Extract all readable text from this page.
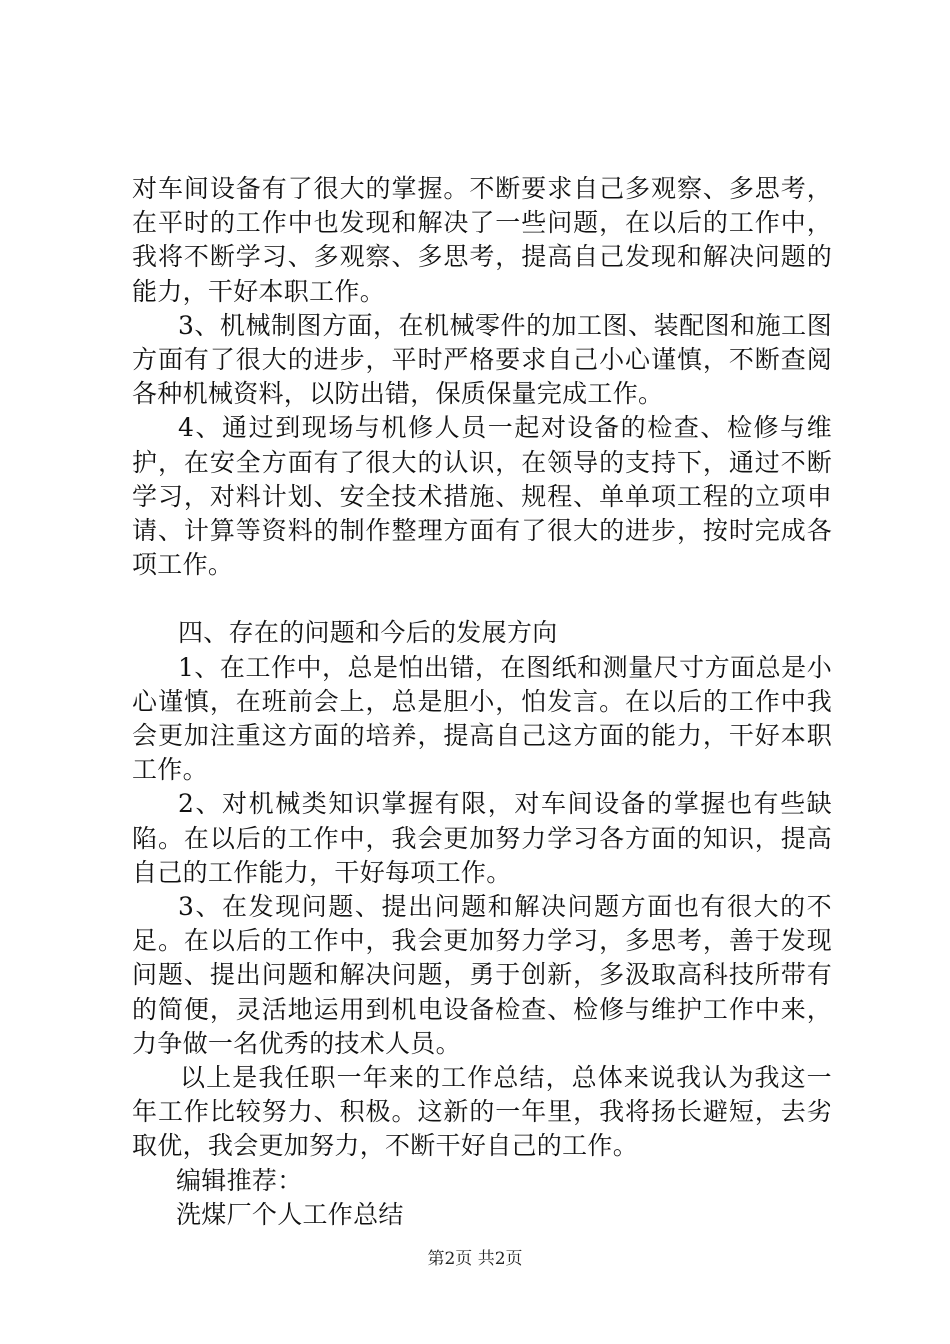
对车间设备有了很大的掌握。不断要求自己多观察、多思考，在平时的工作中也发现和解决了一些问题，在以后的工作中，我将不断学习、多观察、多思考，提高自己发现和解决问题的能力，干好本职工作。

3、机械制图方面，在机械零件的加工图、装配图和施工图方面有了很大的进步，平时严格要求自己小心谨慎，不断查阅各种机械资料，以防出错，保质保量完成工作。

4、通过到现场与机修人员一起对设备的检查、检修与维护，在安全方面有了很大的认识，在领导的支持下，通过不断学习，对料计划、安全技术措施、规程、单单项工程的立项申请、计算等资料的制作整理方面有了很大的进步，按时完成各项工作。

四、存在的问题和今后的发展方向

1、在工作中，总是怕出错，在图纸和测量尺寸方面总是小心谨慎，在班前会上，总是胆小，怕发言。在以后的工作中我会更加注重这方面的培养，提高自己这方面的能力，干好本职工作。

2、对机械类知识掌握有限，对车间设备的掌握也有些缺陷。在以后的工作中，我会更加努力学习各方面的知识，提高自己的工作能力，干好每项工作。

3、在发现问题、提出问题和解决问题方面也有很大的不足。在以后的工作中，我会更加努力学习，多思考，善于发现问题、提出问题和解决问题，勇于创新，多汲取高科技所带有的简便，灵活地运用到机电设备检查、检修与维护工作中来，力争做一名优秀的技术人员。

以上是我任职一年来的工作总结，总体来说我认为我这一年工作比较努力、积极。这新的一年里，我将扬长避短，去劣取优，我会更加努力，不断干好自己的工作。

编辑推荐：

洗煤厂个人工作总结

第2页 共2页
